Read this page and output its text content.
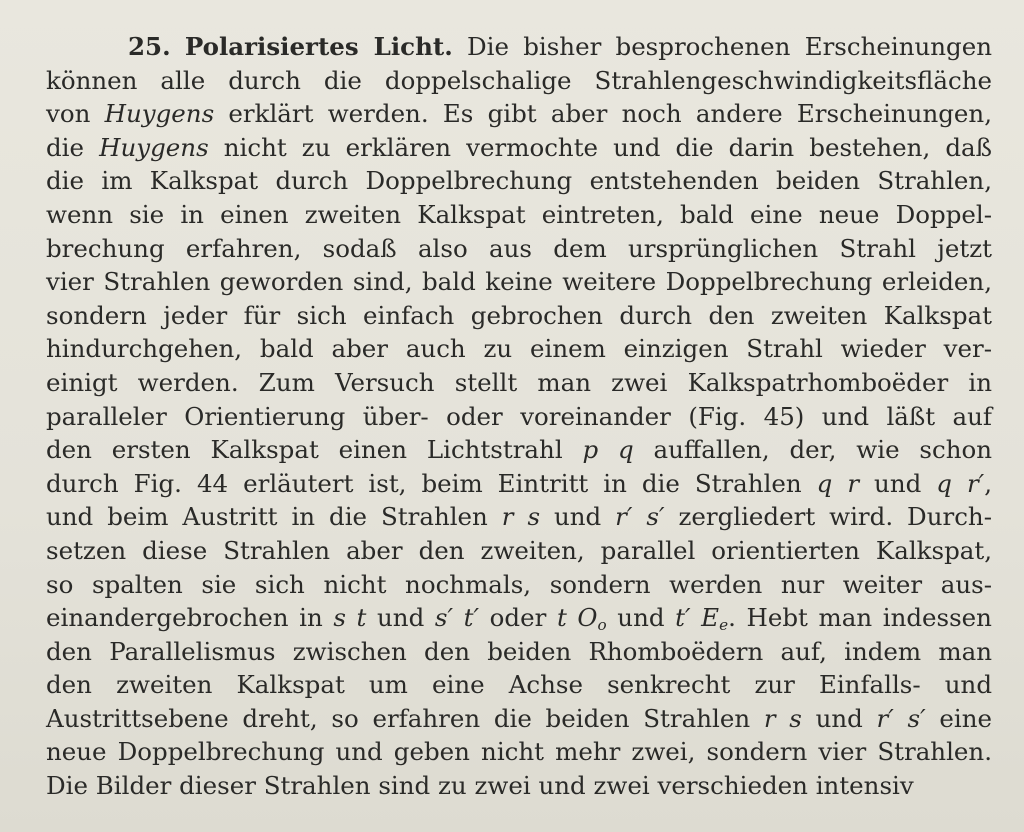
25. Polarisiertes Licht. Die bisher besprochenen Erscheinungen
können alle durch die doppelschalige Strahlengeschwindigkeitsfläche
von Huygens erklärt werden. Es gibt aber noch andere Erscheinungen,
die Huygens nicht zu erklären vermochte und die darin bestehen, daß
die im Kalkspat durch Doppelbrechung entstehenden beiden Strahlen,
wenn sie in einen zweiten Kalkspat eintreten, bald eine neue Doppel-
brechung erfahren, sodaß also aus dem ursprünglichen Strahl jetzt
vier Strahlen geworden sind, bald keine weitere Doppelbrechung erleiden,
sondern jeder für sich einfach gebrochen durch den zweiten Kalkspat
hindurchgehen, bald aber auch zu einem einzigen Strahl wieder ver-
einigt werden. Zum Versuch stellt man zwei Kalkspatrhomboëder in
paralleler Orientierung über- oder voreinander (Fig. 45) und läßt auf
den ersten Kalkspat einen Lichtstrahl p q auffallen, der, wie schon
durch Fig. 44 erläutert ist, beim Eintritt in die Strahlen q r und q r′,
und beim Austritt in die Strahlen r s und r′ s′ zergliedert wird. Durch-
setzen diese Strahlen aber den zweiten, parallel orientierten Kalkspat,
so spalten sie sich nicht nochmals, sondern werden nur weiter aus-
einandergebrochen in s t und s′ t′ oder t $O_o$ und t′ $E_e$. Hebt man indessen
den Parallelismus zwischen den beiden Rhomboëdern auf, indem man
den zweiten Kalkspat um eine Achse senkrecht zur Einfalls- und
Austrittsebene dreht, so erfahren die beiden Strahlen r s und r′ s′ eine
neue Doppelbrechung und geben nicht mehr zwei, sondern vier Strahlen.
Die Bilder dieser Strahlen sind zu zwei und zwei verschieden intensiv
